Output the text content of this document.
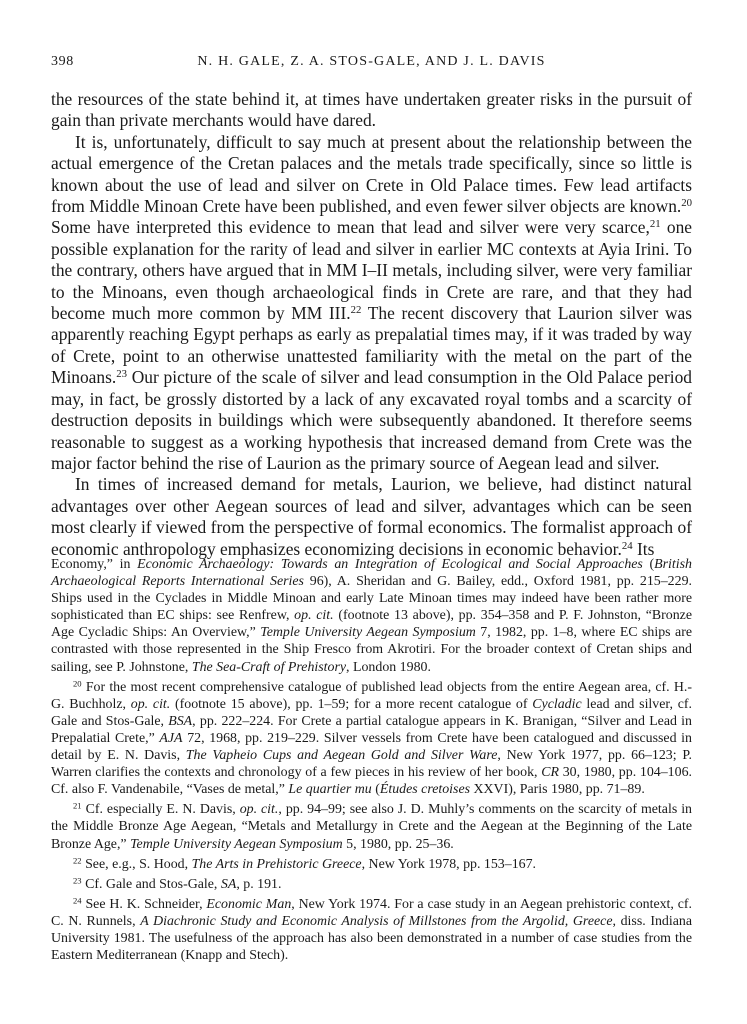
398	N. H. GALE, Z. A. STOS-GALE, AND J. L. DAVIS

the resources of the state behind it, at times have undertaken greater risks in the pursuit of gain than private merchants would have dared.

It is, unfortunately, difficult to say much at present about the relationship between the actual emergence of the Cretan palaces and the metals trade specifically, since so little is known about the use of lead and silver on Crete in Old Palace times. Few lead artifacts from Middle Minoan Crete have been published, and even fewer silver objects are known.$^{20}$ Some have interpreted this evidence to mean that lead and silver were very scarce,$^{21}$ one possible explanation for the rarity of lead and silver in earlier MC contexts at Ayia Irini. To the contrary, others have argued that in MM I–II metals, including silver, were very familiar to the Minoans, even though archaeological finds in Crete are rare, and that they had become much more common by MM III.$^{22}$ The recent discovery that Laurion silver was apparently reaching Egypt perhaps as early as prepalatial times may, if it was traded by way of Crete, point to an otherwise unattested familiarity with the metal on the part of the Minoans.$^{23}$ Our picture of the scale of silver and lead consumption in the Old Palace period may, in fact, be grossly distorted by a lack of any excavated royal tombs and a scarcity of destruction deposits in buildings which were subsequently abandoned. It therefore seems reasonable to suggest as a working hypothesis that increased demand from Crete was the major factor behind the rise of Laurion as the primary source of Aegean lead and silver.

In times of increased demand for metals, Laurion, we believe, had distinct natural advantages over other Aegean sources of lead and silver, advantages which can be seen most clearly if viewed from the perspective of formal economics. The formalist approach of economic anthropology emphasizes economizing decisions in economic behavior.$^{24}$ Its

Economy,” in Economic Archaeology: Towards an Integration of Ecological and Social Approaches (British Archaeological Reports International Series 96), A. Sheridan and G. Bailey, edd., Oxford 1981, pp. 215–229. Ships used in the Cyclades in Middle Minoan and early Late Minoan times may indeed have been rather more sophisticated than EC ships: see Renfrew, op. cit. (footnote 13 above), pp. 354–358 and P. F. Johnston, “Bronze Age Cycladic Ships: An Overview,” Temple University Aegean Symposium 7, 1982, pp. 1–8, where EC ships are contrasted with those represented in the Ship Fresco from Akrotiri. For the broader context of Cretan ships and sailing, see P. Johnstone, The Sea-Craft of Prehistory, London 1980.

$^{20}$ For the most recent comprehensive catalogue of published lead objects from the entire Aegean area, cf. H.-G. Buchholz, op. cit. (footnote 15 above), pp. 1–59; for a more recent catalogue of Cycladic lead and silver, cf. Gale and Stos-Gale, BSA, pp. 222–224. For Crete a partial catalogue appears in K. Branigan, “Silver and Lead in Prepalatial Crete,” AJA 72, 1968, pp. 219–229. Silver vessels from Crete have been catalogued and discussed in detail by E. N. Davis, The Vapheio Cups and Aegean Gold and Silver Ware, New York 1977, pp. 66–123; P. Warren clarifies the contexts and chronology of a few pieces in his review of her book, CR 30, 1980, pp. 104–106. Cf. also F. Vandenabile, “Vases de metal,” Le quartier mu (Études cretoises XXVI), Paris 1980, pp. 71–89.

$^{21}$ Cf. especially E. N. Davis, op. cit., pp. 94–99; see also J. D. Muhly’s comments on the scarcity of metals in the Middle Bronze Age Aegean, “Metals and Metallurgy in Crete and the Aegean at the Beginning of the Late Bronze Age,” Temple University Aegean Symposium 5, 1980, pp. 25–36.

$^{22}$ See, e.g., S. Hood, The Arts in Prehistoric Greece, New York 1978, pp. 153–167.

$^{23}$ Cf. Gale and Stos-Gale, SA, p. 191.

$^{24}$ See H. K. Schneider, Economic Man, New York 1974. For a case study in an Aegean prehistoric context, cf. C. N. Runnels, A Diachronic Study and Economic Analysis of Millstones from the Argolid, Greece, diss. Indiana University 1981. The usefulness of the approach has also been demonstrated in a number of case studies from the Eastern Mediterranean (Knapp and Stech).
